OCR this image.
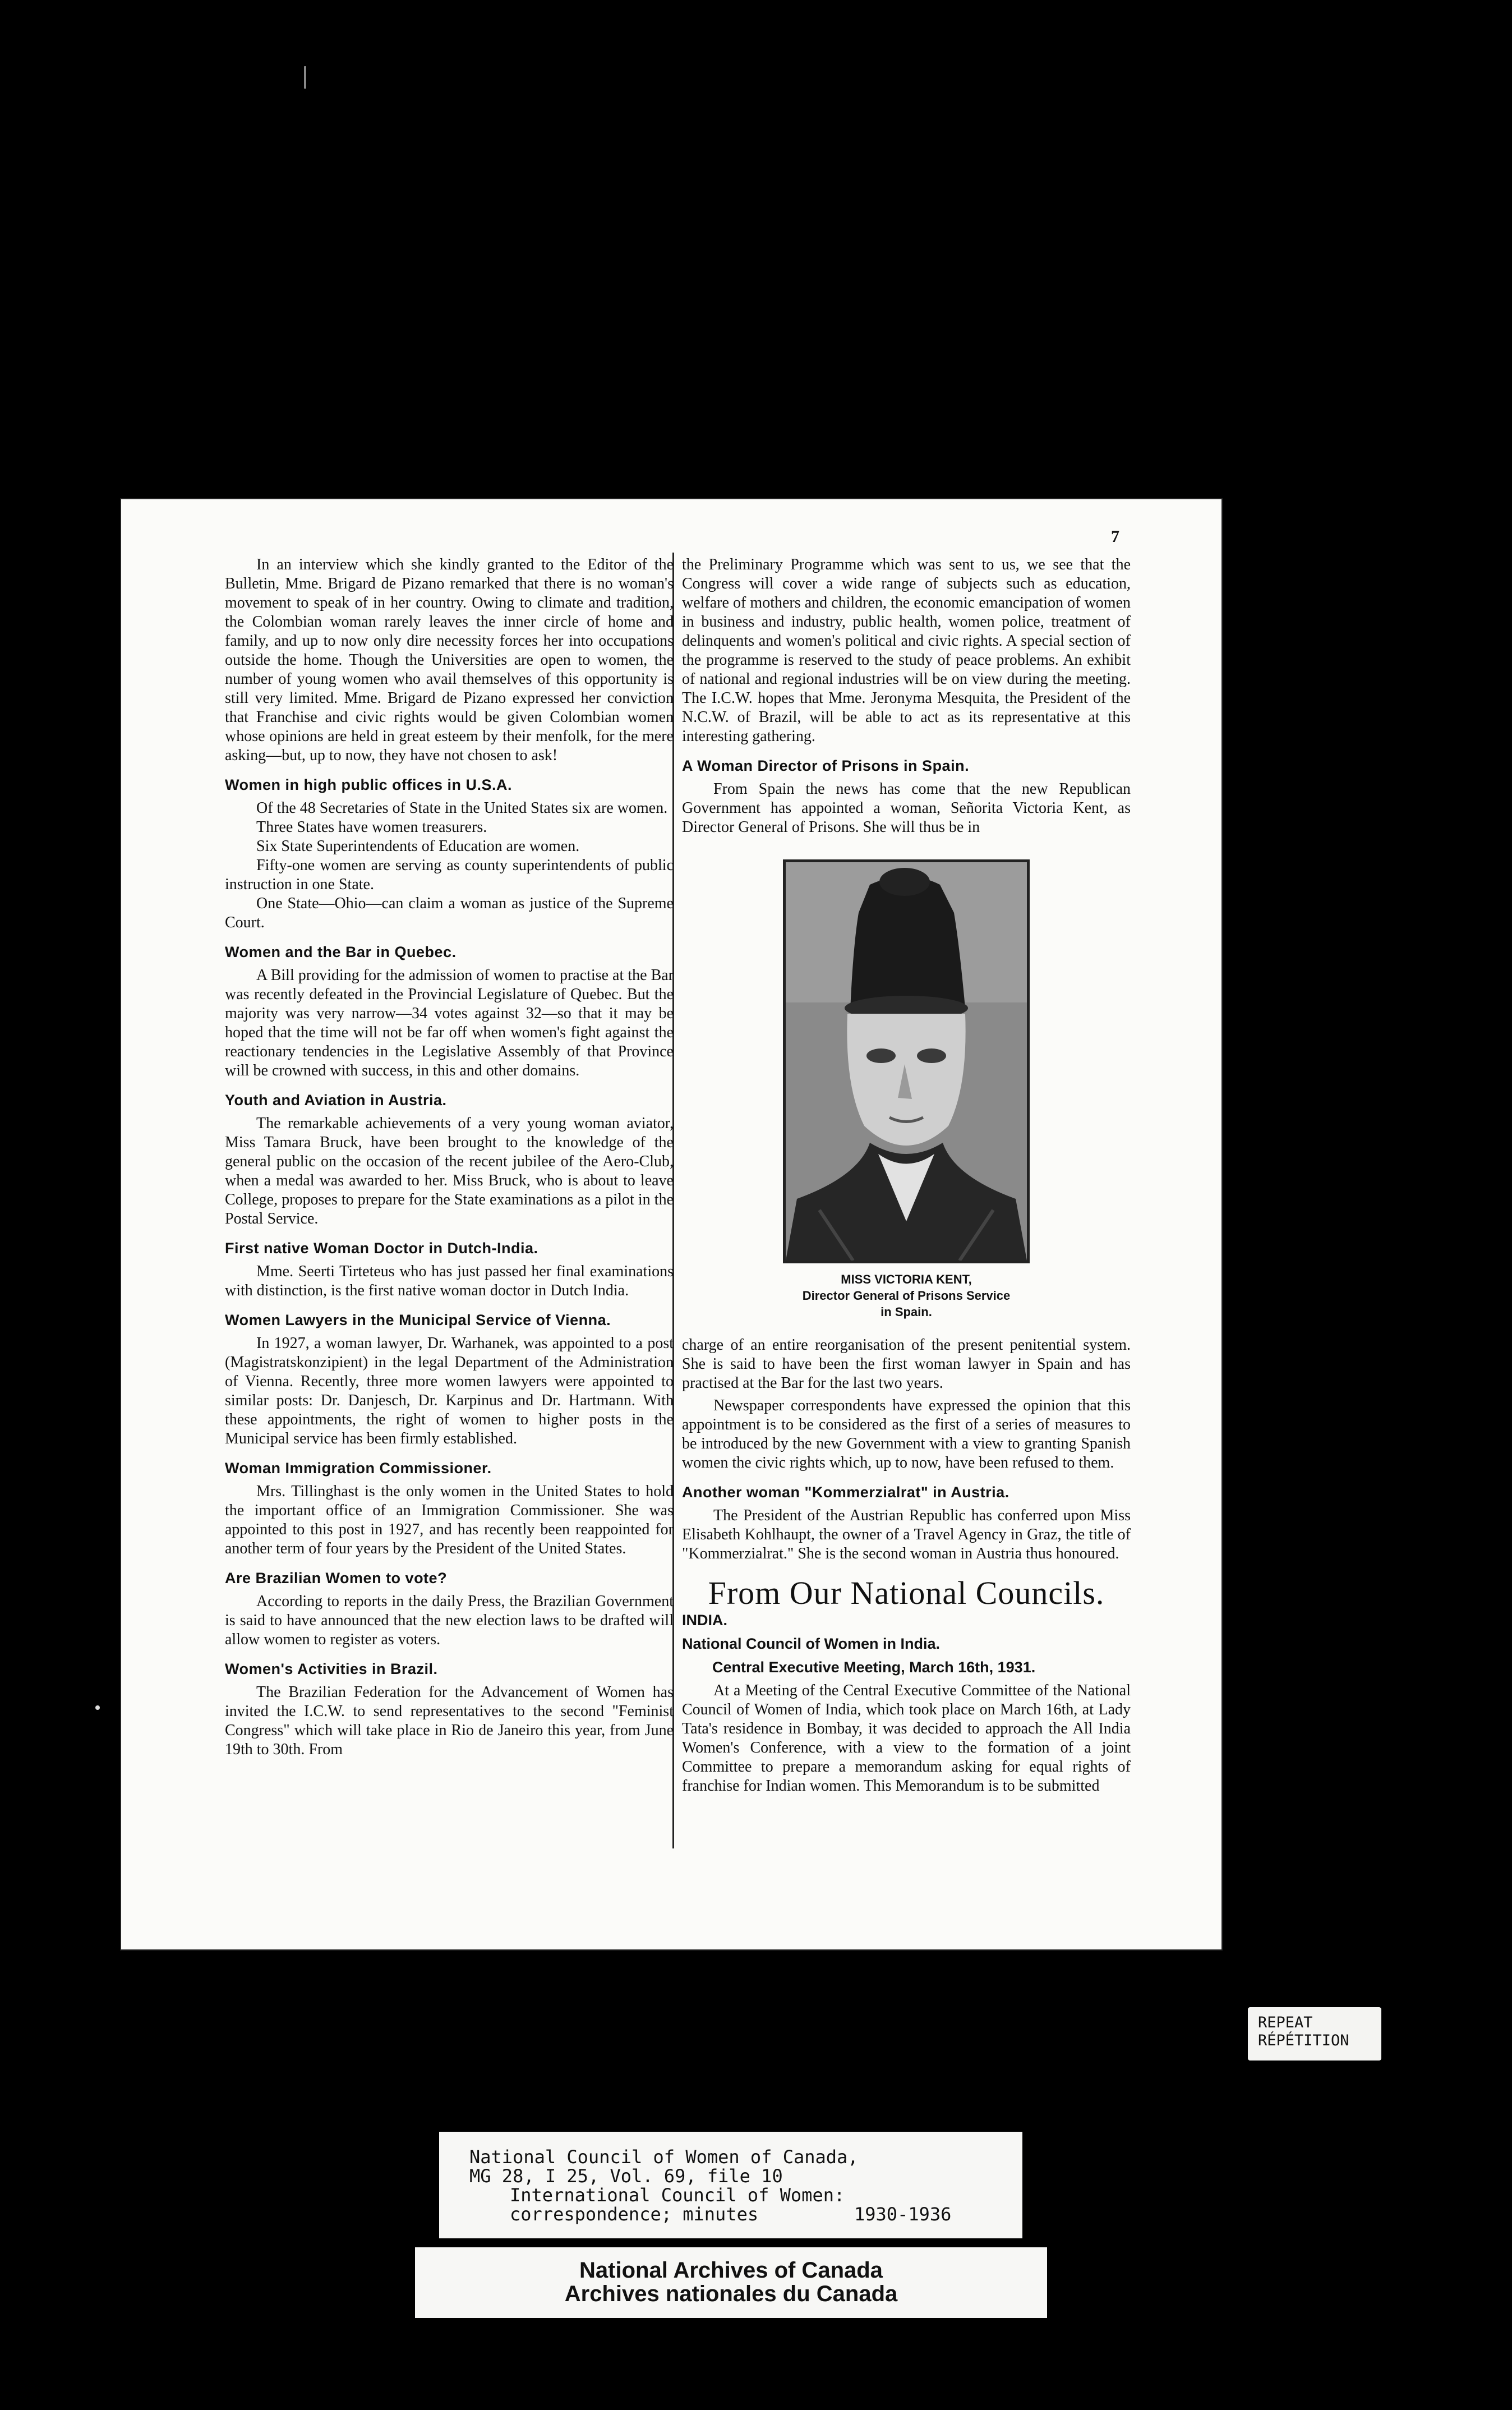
7

In an interview which she kindly granted to the Editor of the Bulletin, Mme. Brigard de Pizano remarked that there is no woman's movement to speak of in her country. Owing to climate and tradition, the Colombian woman rarely leaves the inner circle of home and family, and up to now only dire necessity forces her into occupations outside the home. Though the Universities are open to women, the number of young women who avail themselves of this opportunity is still very limited. Mme. Brigard de Pizano expressed her conviction that Franchise and civic rights would be given Colombian women whose opinions are held in great esteem by their menfolk, for the mere asking—but, up to now, they have not chosen to ask!

Women in high public offices in U.S.A.

Of the 48 Secretaries of State in the United States six are women.

Three States have women treasurers.

Six State Superintendents of Education are women.

Fifty-one women are serving as county superintendents of public instruction in one State.

One State—Ohio—can claim a woman as justice of the Supreme Court.

Women and the Bar in Quebec.

A Bill providing for the admission of women to practise at the Bar was recently defeated in the Provincial Legislature of Quebec. But the majority was very narrow—34 votes against 32—so that it may be hoped that the time will not be far off when women's fight against the reactionary tendencies in the Legislative Assembly of that Province will be crowned with success, in this and other domains.

Youth and Aviation in Austria.

The remarkable achievements of a very young woman aviator, Miss Tamara Bruck, have been brought to the knowledge of the general public on the occasion of the recent jubilee of the Aero-Club, when a medal was awarded to her. Miss Bruck, who is about to leave College, proposes to prepare for the State examinations as a pilot in the Postal Service.

First native Woman Doctor in Dutch-India.

Mme. Seerti Tirteteus who has just passed her final examinations with distinction, is the first native woman doctor in Dutch India.

Women Lawyers in the Municipal Service of Vienna.

In 1927, a woman lawyer, Dr. Warhanek, was appointed to a post (Magistratskonzipient) in the legal Department of the Administration of Vienna. Recently, three more women lawyers were appointed to similar posts: Dr. Danjesch, Dr. Karpinus and Dr. Hartmann. With these appointments, the right of women to higher posts in the Municipal service has been firmly established.

Woman Immigration Commissioner.

Mrs. Tillinghast is the only women in the United States to hold the important office of an Immigration Commissioner. She was appointed to this post in 1927, and has recently been reappointed for another term of four years by the President of the United States.

Are Brazilian Women to vote?

According to reports in the daily Press, the Brazilian Government is said to have announced that the new election laws to be drafted will allow women to register as voters.

Women's Activities in Brazil.

The Brazilian Federation for the Advancement of Women has invited the I.C.W. to send representatives to the second "Feminist Congress" which will take place in Rio de Janeiro this year, from June 19th to 30th. From

the Preliminary Programme which was sent to us, we see that the Congress will cover a wide range of subjects such as education, welfare of mothers and children, the economic emancipation of women in business and industry, public health, women police, treatment of delinquents and women's political and civic rights. A special section of the programme is reserved to the study of peace problems. An exhibit of national and regional industries will be on view during the meeting. The I.C.W. hopes that Mme. Jeronyma Mesquita, the President of the N.C.W. of Brazil, will be able to act as its representative at this interesting gathering.

A Woman Director of Prisons in Spain.

From Spain the news has come that the new Republican Government has appointed a woman, Señorita Victoria Kent, as Director General of Prisons. She will thus be in

MISS VICTORIA KENT,
Director General of Prisons Service
in Spain.

charge of an entire reorganisation of the present penitential system. She is said to have been the first woman lawyer in Spain and has practised at the Bar for the last two years.

Newspaper correspondents have expressed the opinion that this appointment is to be considered as the first of a series of measures to be introduced by the new Government with a view to granting Spanish women the civic rights which, up to now, have been refused to them.

Another woman "Kommerzialrat" in Austria.

The President of the Austrian Republic has conferred upon Miss Elisabeth Kohlhaupt, the owner of a Travel Agency in Graz, the title of "Kommerzialrat." She is the second woman in Austria thus honoured.

From Our National Councils.
INDIA.
National Council of Women in India.
Central Executive Meeting, March 16th, 1931.

At a Meeting of the Central Executive Committee of the National Council of Women of India, which took place on March 16th, at Lady Tata's residence in Bombay, it was decided to approach the All India Women's Conference, with a view to the formation of a joint Committee to prepare a memorandum asking for equal rights of franchise for Indian women. This Memorandum is to be submitted

REPEAT
RÉPÉTITION
National Council of Women of Canada,
MG 28, I 25, Vol. 69, file 10
International Council of Women:
correspondence; minutes	1930-1936
National Archives of Canada
Archives nationales du Canada
